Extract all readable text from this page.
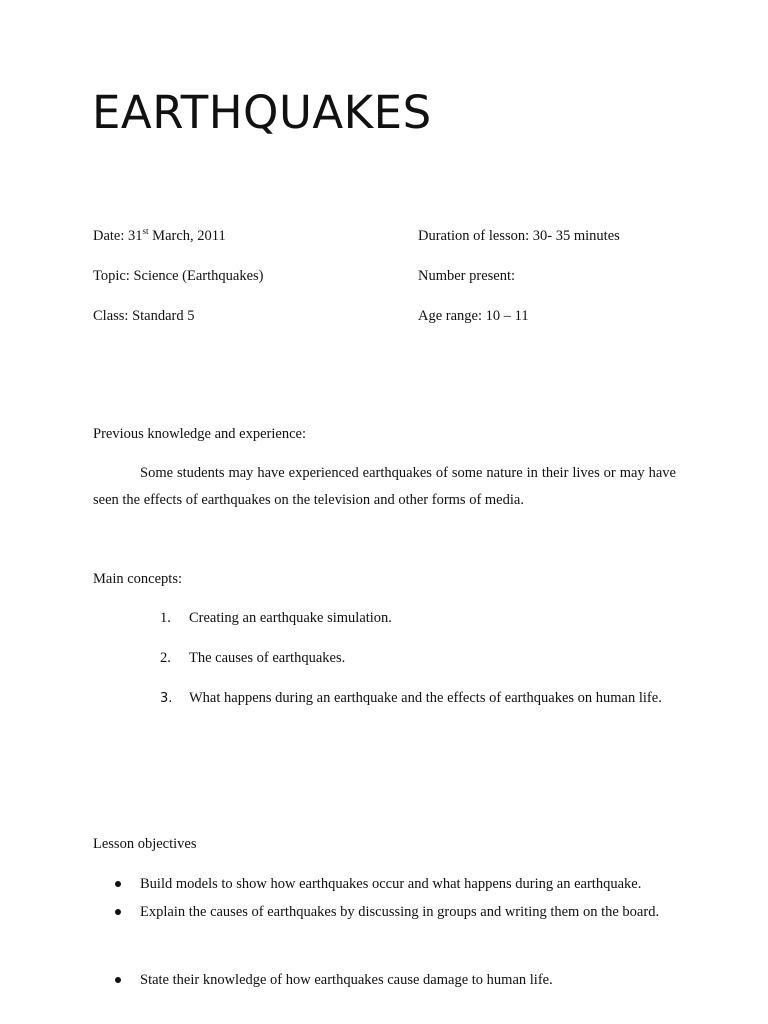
EARTHQUAKES
Date: 31st March, 2011	Duration of lesson: 30- 35 minutes
Topic: Science (Earthquakes)	Number present:
Class: Standard 5	Age range: 10 – 11
Previous knowledge and experience:

Some students may have experienced earthquakes of some nature in their lives or may have seen the effects of earthquakes on the television and other forms of media.

Main concepts:
1.	Creating an earthquake simulation.
2.	The causes of earthquakes.
3.	What happens during an earthquake and the effects of earthquakes on human life.
Lesson objectives
Build models to show how earthquakes occur and what happens during an earthquake.
Explain the causes of earthquakes by discussing in groups and writing them on the board.
State their knowledge of how earthquakes cause damage to human life.
